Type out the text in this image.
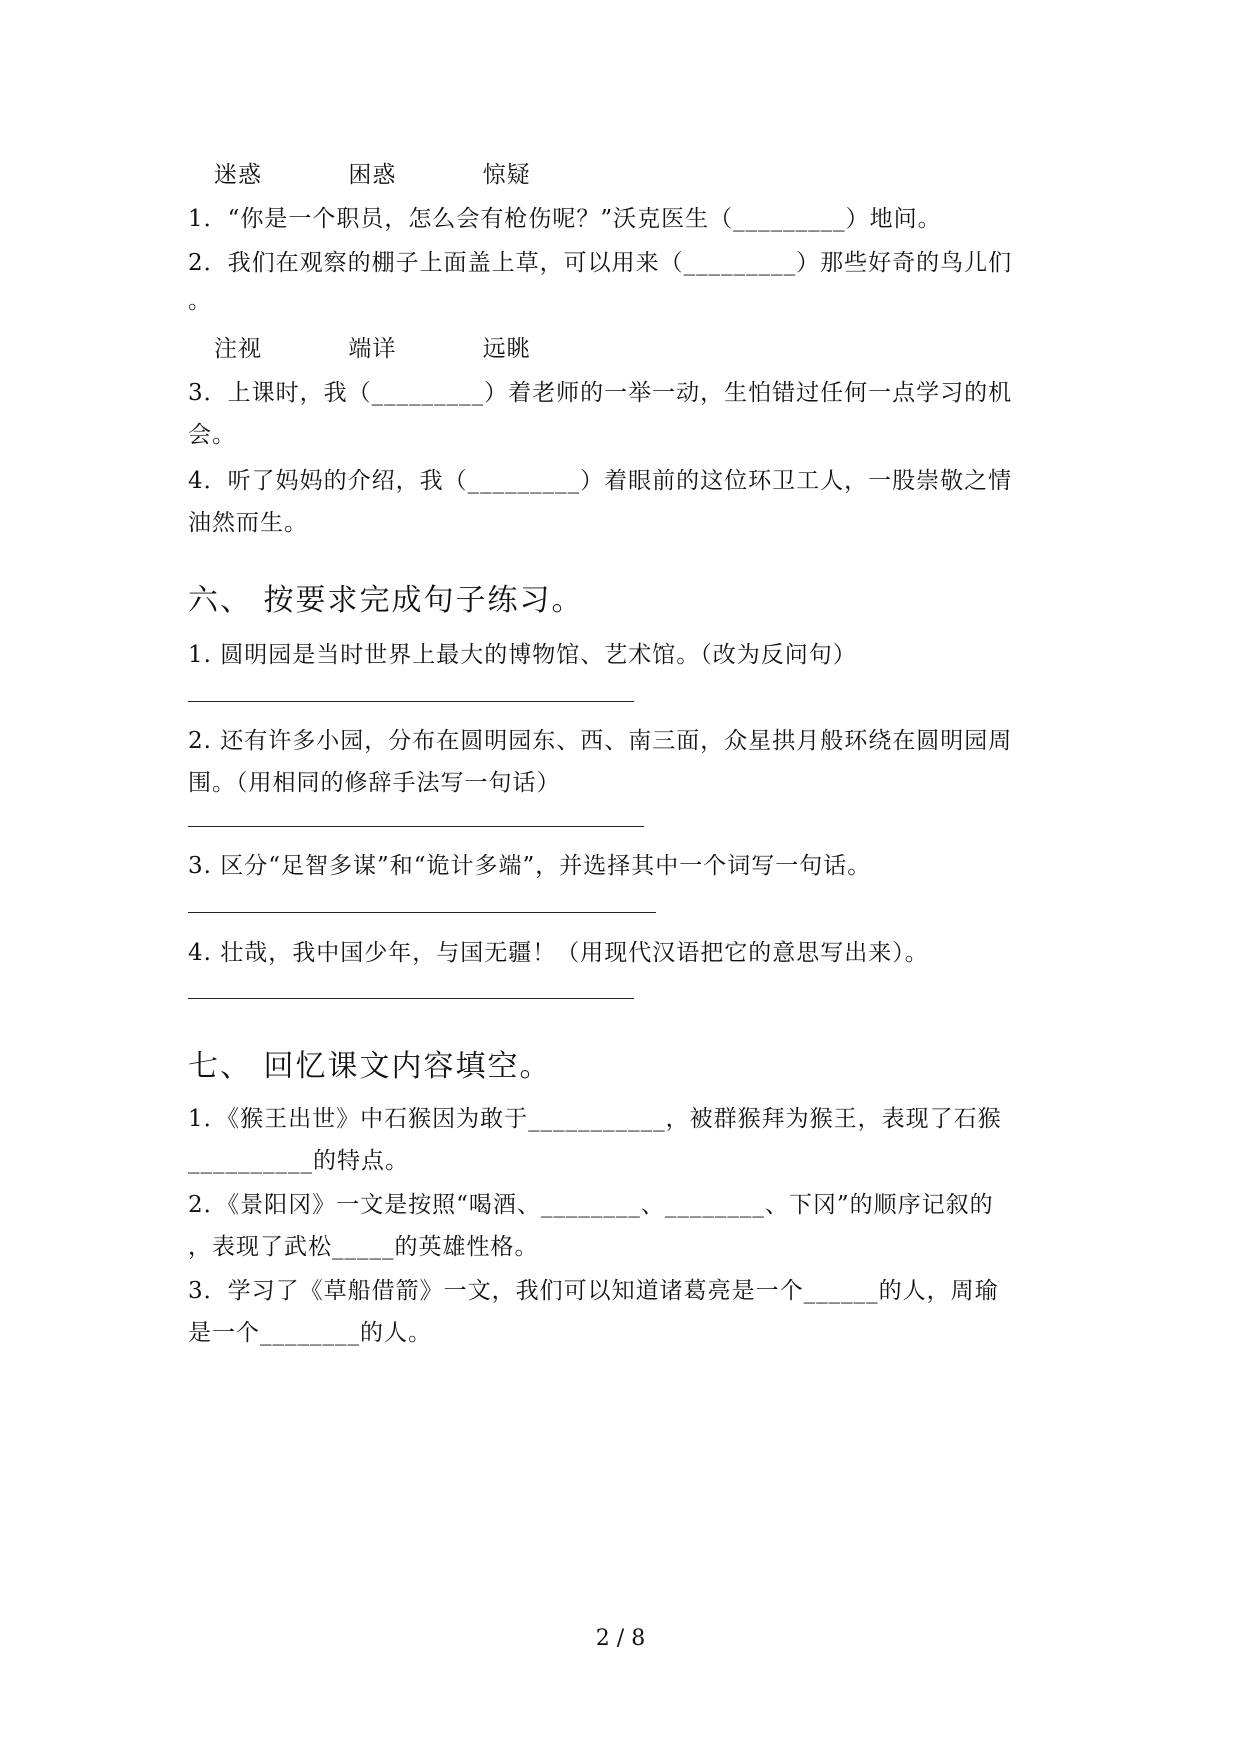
迷惑	困惑	惊疑
1．“你是一个职员，怎么会有枪伤呢？”沃克医生（_________）地问。
2．我们在观察的棚子上面盖上草，可以用来（_________）那些好奇的鸟儿们
。
注视	端详	远眺
3．上课时，我（_________）着老师的一举一动，生怕错过任何一点学习的机
会。
4．听了妈妈的介绍，我（_________）着眼前的这位环卫工人，一股崇敬之情
油然而生。
六、 按要求完成句子练习。
1. 圆明园是当时世界上最大的博物馆、艺术馆。（改为反问句）
2. 还有许多小园，分布在圆明园东、西、南三面，众星拱月般环绕在圆明园周
围。（用相同的修辞手法写一句话）
3. 区分“足智多谋”和“诡计多端”，并选择其中一个词写一句话。
4. 壮哉，我中国少年，与国无疆！（用现代汉语把它的意思写出来）。
七、 回忆课文内容填空。
1．《猴王出世》中石猴因为敢于___________，被群猴拜为猴王，表现了石猴
__________的特点。
2．《景阳冈》一文是按照“喝酒、________、________、下冈”的顺序记叙的
，表现了武松_____的英雄性格。
3．学习了《草船借箭》一文，我们可以知道诸葛亮是一个______的人，周瑜
是一个________的人。
2 / 8
